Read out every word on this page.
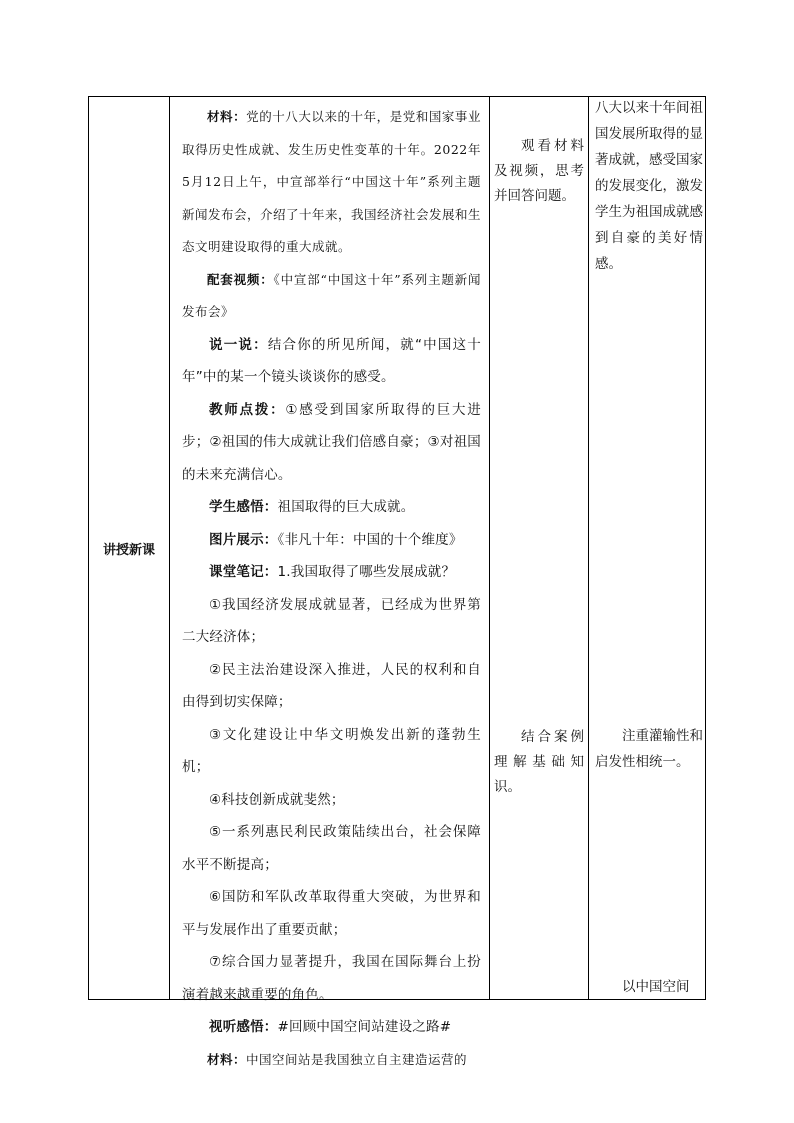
讲授新课

材料：党的十八大以来的十年，是党和国家事业取得历史性成就、发生历史性变革的十年。2022年5月12日上午，中宣部举行“中国这十年”系列主题新闻发布会，介绍了十年来，我国经济社会发展和生态文明建设取得的重大成就。

配套视频：《中宣部“中国这十年”系列主题新闻发布会》

说一说：结合你的所见所闻，就“中国这十年”中的某一个镜头谈谈你的感受。

教师点拨：①感受到国家所取得的巨大进步；②祖国的伟大成就让我们倍感自豪；③对祖国的未来充满信心。

学生感悟：祖国取得的巨大成就。

图片展示：《非凡十年：中国的十个维度》

课堂笔记：1.我国取得了哪些发展成就？

①我国经济发展成就显著，已经成为世界第二大经济体；

②民主法治建设深入推进，人民的权利和自由得到切实保障；

③文化建设让中华文明焕发出新的蓬勃生机；

④科技创新成就斐然；

⑤一系列惠民利民政策陆续出台，社会保障水平不断提高；

⑥国防和军队改革取得重大突破，为世界和平与发展作出了重要贡献；

⑦综合国力显著提升，我国在国际舞台上扮演着越来越重要的角色。

视听感悟：#回顾中国空间站建设之路#

材料：中国空间站是我国独立自主建造运营的

观看材料及视频，思考并回答问题。
结合案例理解基础知识。
八大以来十年间祖国发展所取得的显著成就，感受国家的发展变化，激发学生为祖国成就感到自豪的美好情感。
注重灌输性和启发性相统一。
以中国空间
